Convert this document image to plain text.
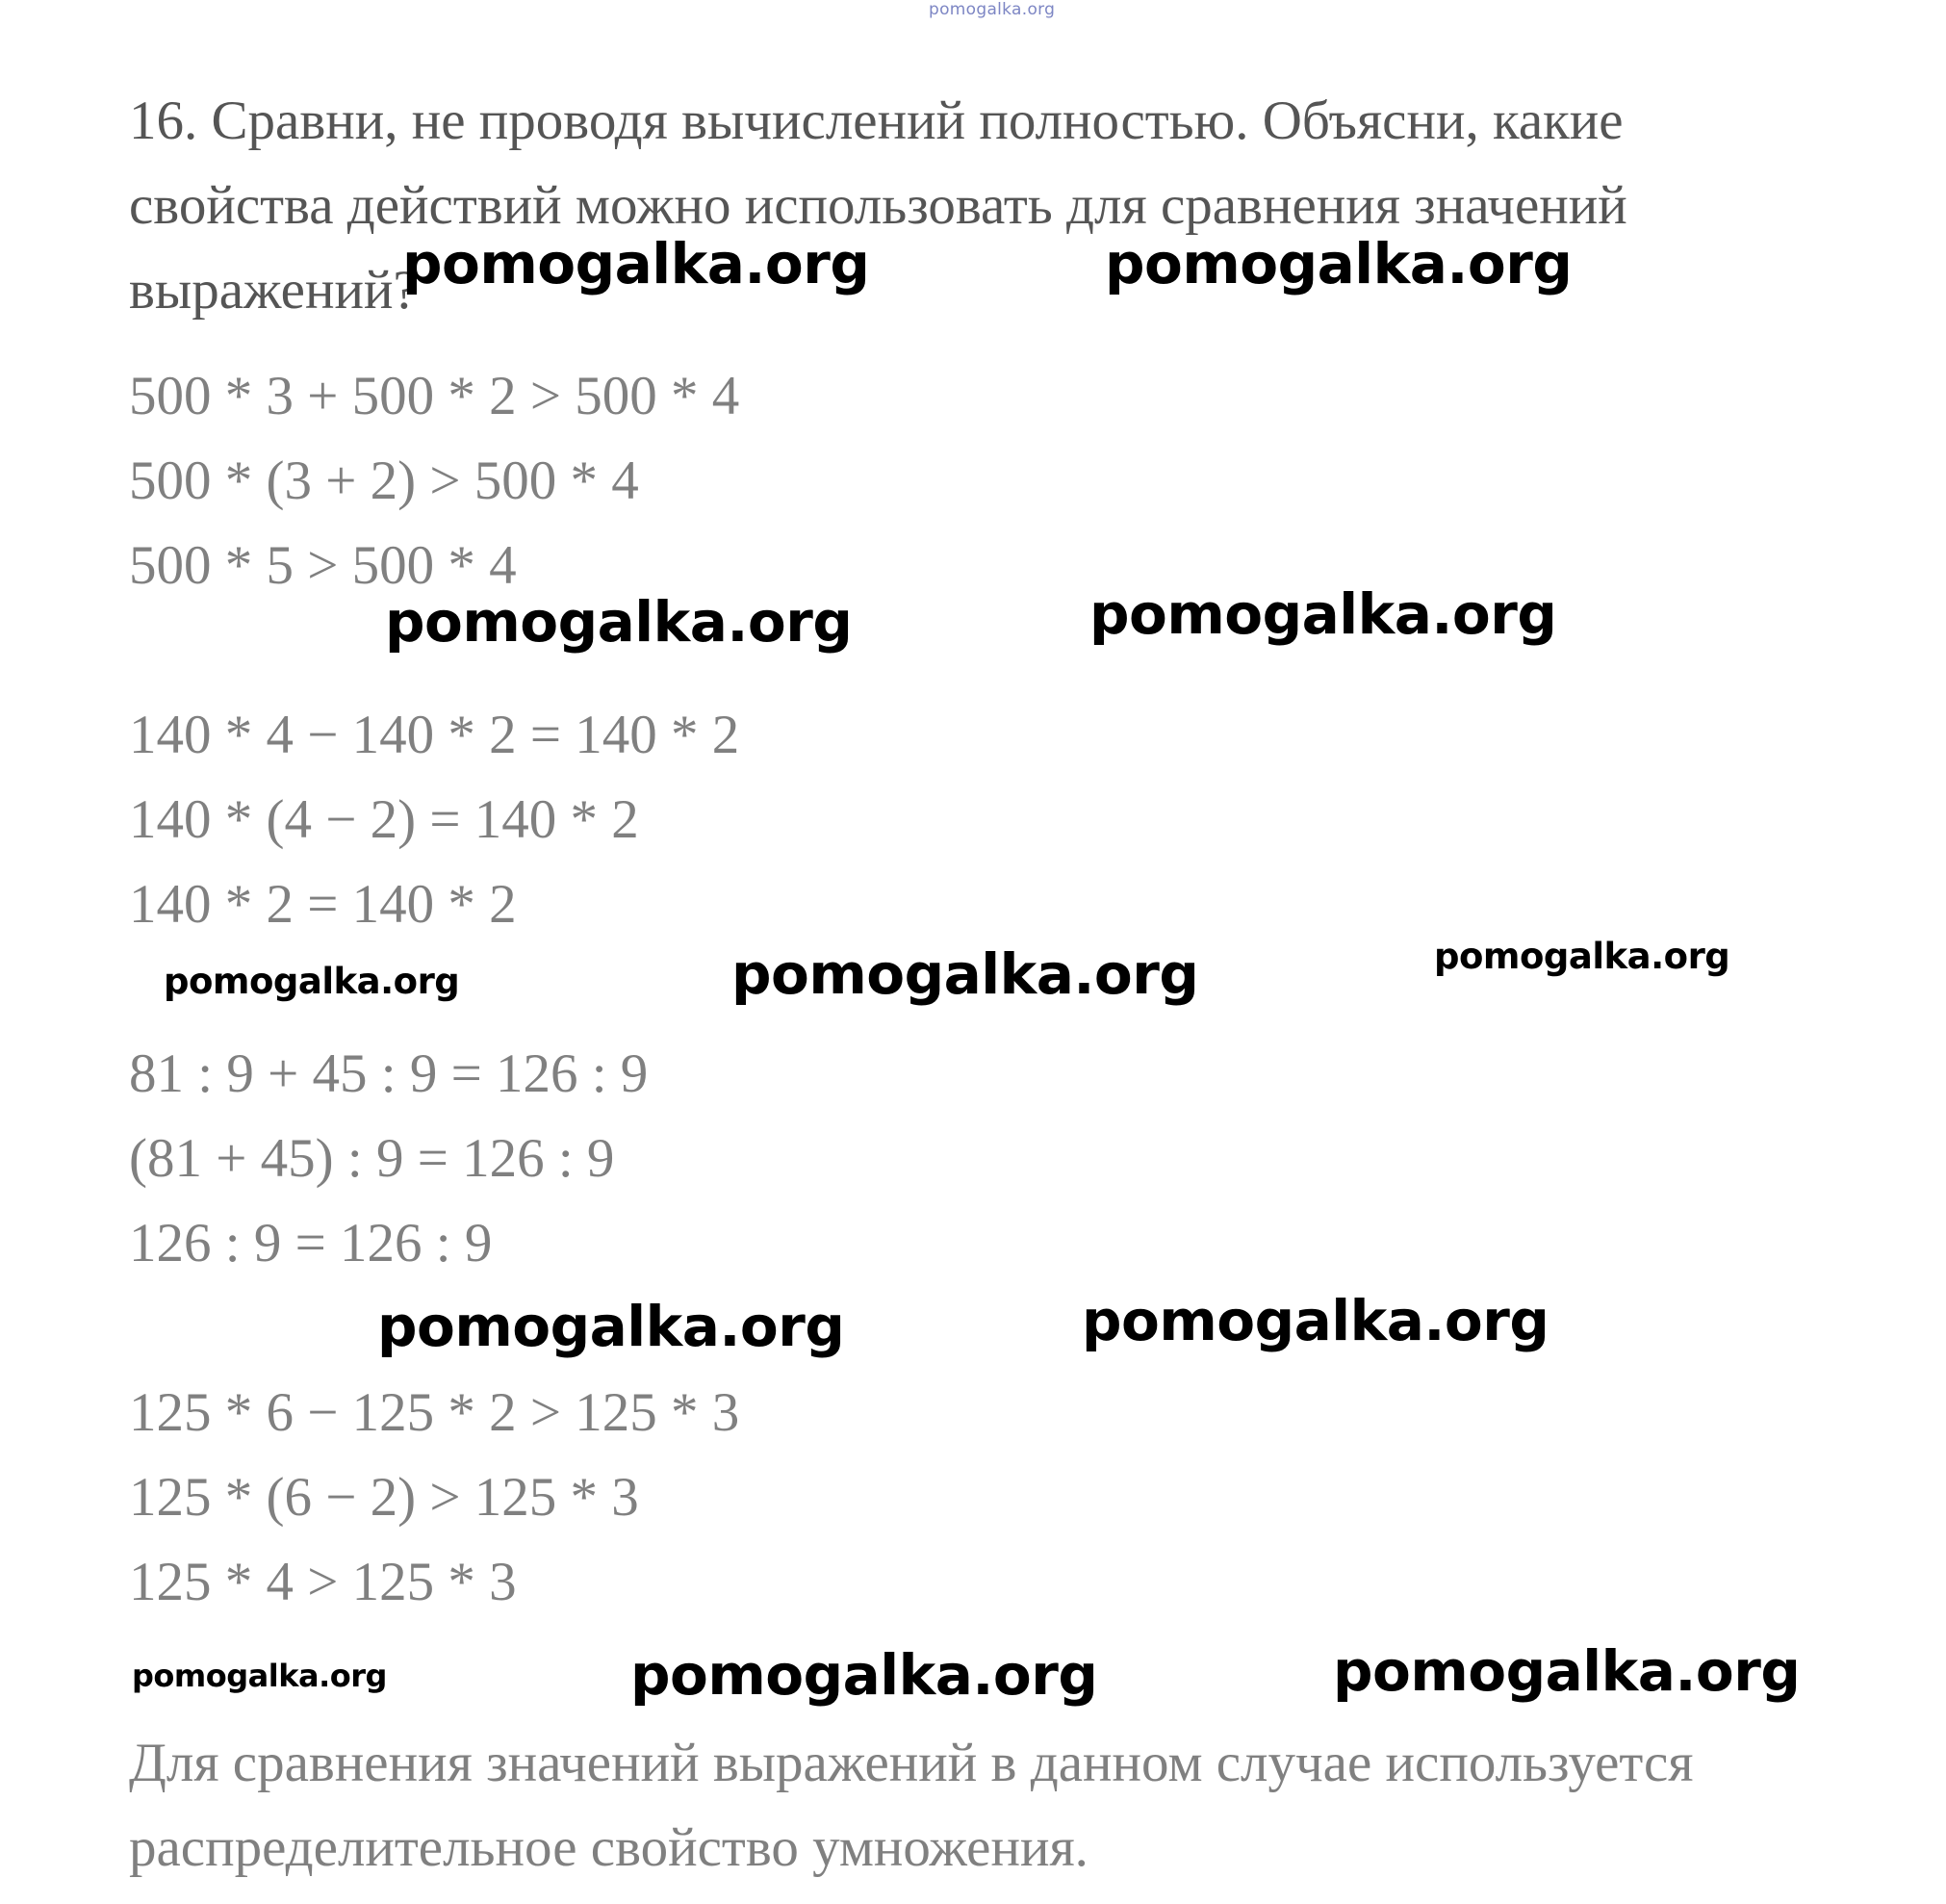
pomogalka.org
16. Сравни, не проводя вычислений полностью. Объясни, какие
свойства действий можно использовать для сравнения значений
выражений?
500 * 3 + 500 * 2 > 500 * 4
500 * (3 + 2) > 500 * 4
500 * 5 > 500 * 4
140 * 4 − 140 * 2 = 140 * 2
140 * (4 − 2) = 140 * 2
140 * 2 = 140 * 2
81 : 9 + 45 : 9 = 126 : 9
(81 + 45) : 9 = 126 : 9
126 : 9 = 126 : 9
125 * 6 − 125 * 2 > 125 * 3
125 * (6 − 2) > 125 * 3
125 * 4 > 125 * 3
Для сравнения значений выражений в данном случае используется
распределительное свойство умножения.
pomogalka.org	pomogalka.org
pomogalka.org	pomogalka.org
pomogalka.org	pomogalka.org	pomogalka.org
pomogalka.org	pomogalka.org
pomogalka.org	pomogalka.org	pomogalka.org
